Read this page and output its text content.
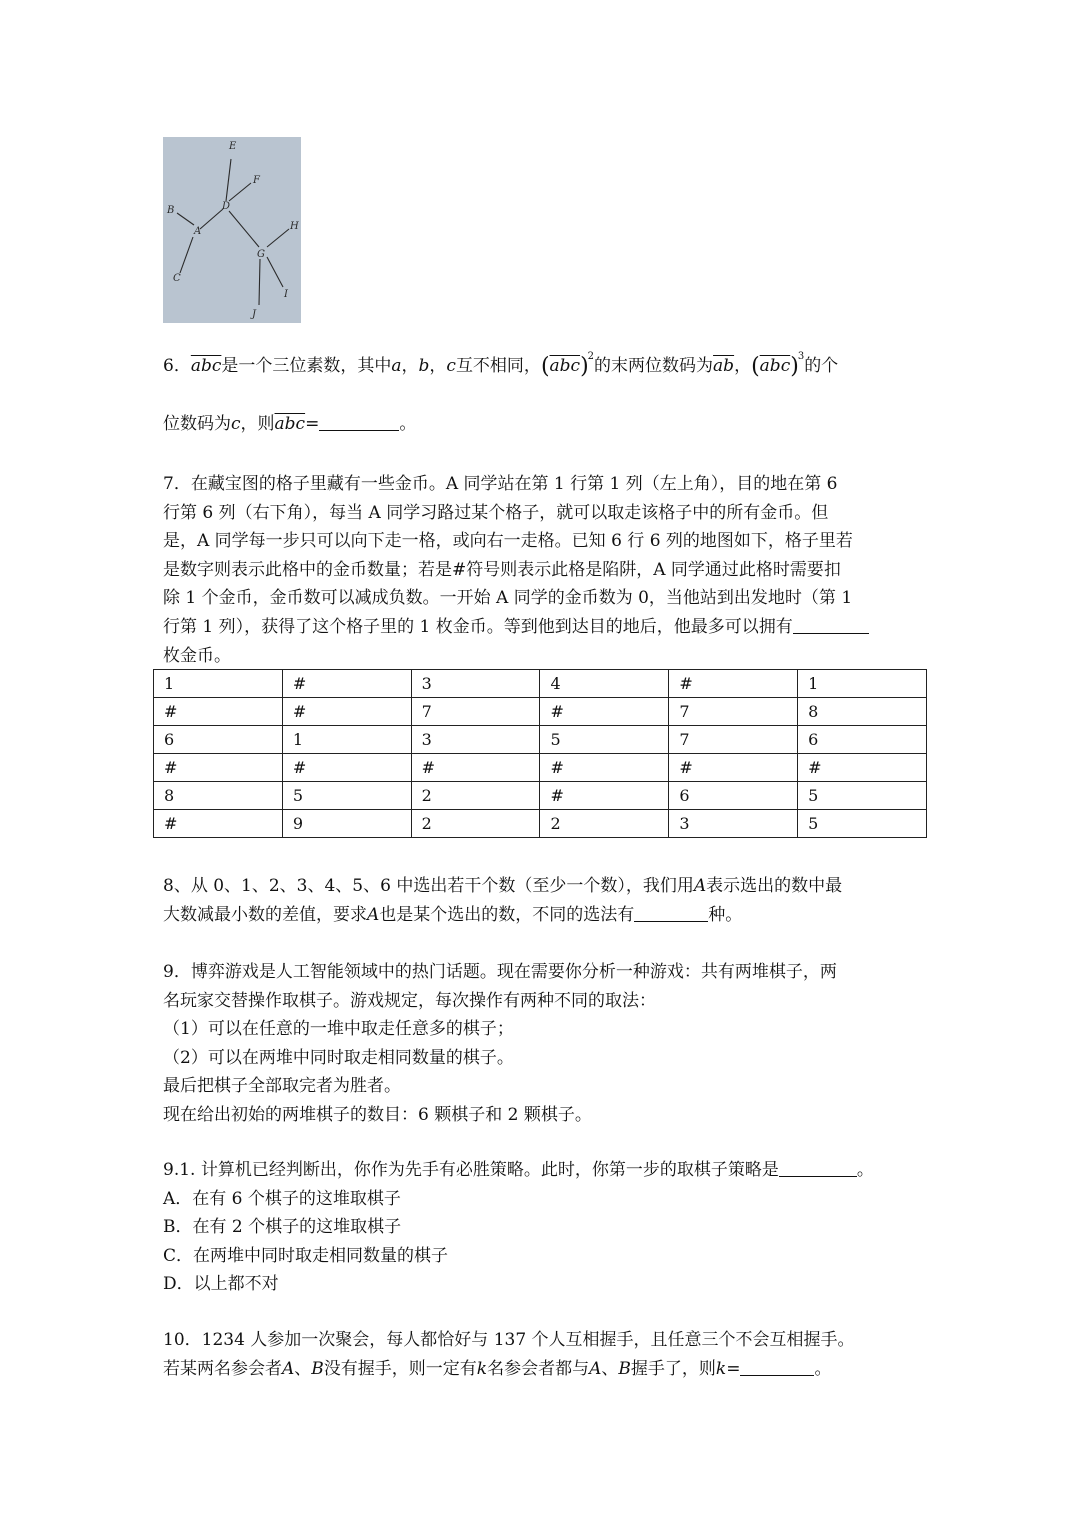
E
F
B	D
A	H
G
C
I
J
6．$\overline{abc}$是一个三位素数，其中a，b，c互不相同，$(\overline{abc})^2$的末两位数码为$\overline{ab}$，$(\overline{abc})^3$的个
位数码为c，则$\overline{abc}=$	。
7．在藏宝图的格子里藏有一些金币。A 同学站在第 1 行第 1 列（左上角），目的地在第 6
行第 6 列（右下角），每当 A 同学习路过某个格子，就可以取走该格子中的所有金币。但
是，A 同学每一步只可以向下走一格，或向右一走格。已知 6 行 6 列的地图如下，格子里若
是数字则表示此格中的金币数量；若是#符号则表示此格是陷阱，A 同学通过此格时需要扣
除 1 个金币，金币数可以减成负数。一开始 A 同学的金币数为 0，当他站到出发地时（第 1
行第 1 列），获得了这个格子里的 1 枚金币。等到他到达目的地后，他最多可以拥有
枚金币。
1	#	3	4	#	1
#	#	7	#	7	8
6	1	3	5	7	6
#	#	#	#	#	#
8	5	2	#	6	5
#	9	2	2	3	5
8、从 0、1、2、3、4、5、6 中选出若干个数（至少一个数），我们用A表示选出的数中最
大数减最小数的差值，要求A也是某个选出的数，不同的选法有	种。
9．博弈游戏是人工智能领域中的热门话题。现在需要你分析一种游戏：共有两堆棋子，两
名玩家交替操作取棋子。游戏规定，每次操作有两种不同的取法：
（1）可以在任意的一堆中取走任意多的棋子；
（2）可以在两堆中同时取走相同数量的棋子。
最后把棋子全部取完者为胜者。
现在给出初始的两堆棋子的数目：6 颗棋子和 2 颗棋子。
9.1. 计算机已经判断出，你作为先手有必胜策略。此时，你第一步的取棋子策略是	。
A．在有 6 个棋子的这堆取棋子
B．在有 2 个棋子的这堆取棋子
C．在两堆中同时取走相同数量的棋子
D．以上都不对
10．1234 人参加一次聚会，每人都恰好与 137 个人互相握手，且任意三个不会互相握手。
若某两名参会者A、B没有握手，则一定有k名参会者都与A、B握手了，则k=	。
